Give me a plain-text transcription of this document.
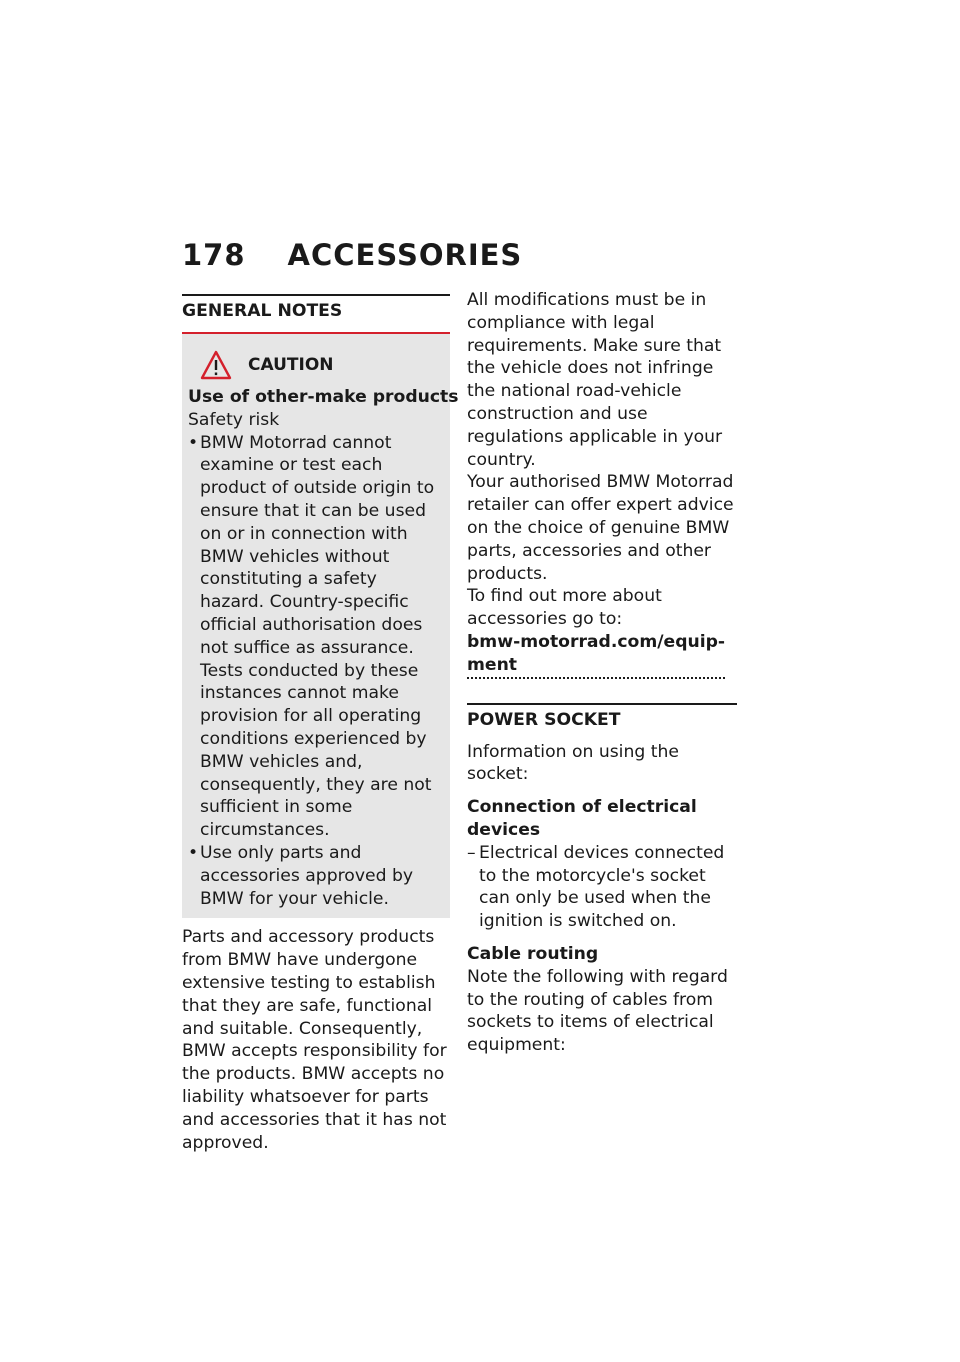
178 ACCESSORIES
GENERAL NOTES
CAUTION
Use of other-make products
Safety risk
• BMW Motorrad cannot examine or test each product of outside origin to ensure that it can be used on or in connection with BMW vehicles without constituting a safety hazard. Country-specific official authorisation does not suffice as assurance. Tests conducted by these instances cannot make provision for all operating conditions experienced by BMW vehicles and, consequently, they are not sufficient in some circumstances.
• Use only parts and accessories approved by BMW for your vehicle.
Parts and accessory products from BMW have undergone extensive testing to establish that they are safe, functional and suitable. Consequently, BMW accepts responsibility for the products. BMW accepts no liability whatsoever for parts and accessories that it has not approved.
All modifications must be in compliance with legal requirements. Make sure that the vehicle does not infringe the national road-vehicle construction and use regulations applicable in your country.
Your authorised BMW Motorrad retailer can offer expert advice on the choice of genuine BMW parts, accessories and other products.
To find out more about accessories go to:
bmw-motorrad.com/equip-
ment
POWER SOCKET
Information on using the socket:
Connection of electrical devices
– Electrical devices connected to the motorcycle's socket can only be used when the ignition is switched on.
Cable routing
Note the following with regard to the routing of cables from sockets to items of electrical equipment:
